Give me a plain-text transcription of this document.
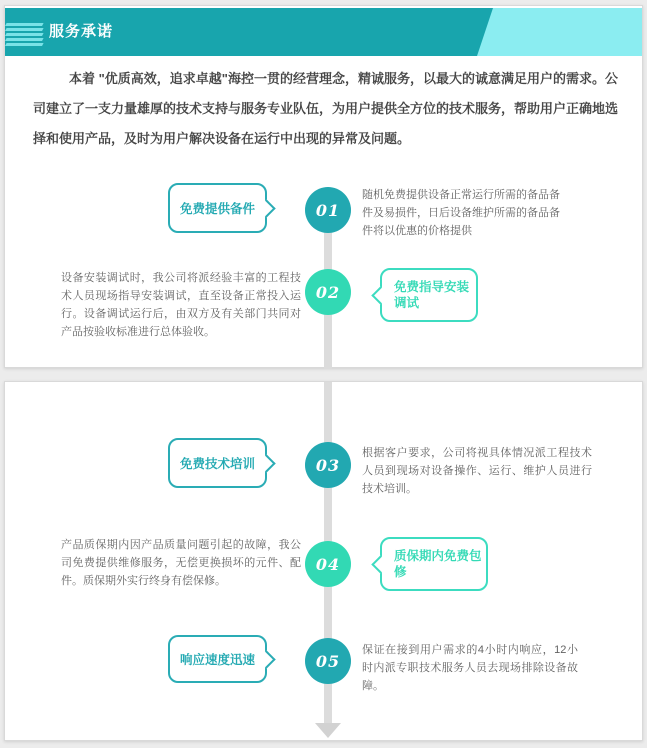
服务承诺

本着 "优质高效，追求卓越"海控一贯的经营理念，精诚服务，以最大的诚意满足用户的需求。公司建立了一支力量雄厚的技术支持与服务专业队伍，为用户提供全方位的技术服务，帮助用户正确地选择和使用产品，及时为用户解决设备在运行中出现的异常及问题。

免费提供备件	01

随机免费提供设备正常运行所需的备品备件及易损件，日后设备维护所需的备品备件将以优惠的价格提供

设备安装调试时，我公司将派经验丰富的工程技术人员现场指导安装调试，直至设备正常投入运行。设备调试运行后，由双方及有关部门共同对产品按验收标准进行总体验收。

02	免费指导安装调试
免费技术培训	03

根据客户要求，公司将视具体情况派工程技术人员到现场对设备操作、运行、维护人员进行技术培训。

产品质保期内因产品质量问题引起的故障，我公司免费提供维修服务，无偿更换损坏的元件、配件。质保期外实行终身有偿保修。

04	质保期内免费包修
响应速度迅速	05

保证在接到用户需求的4小时内响应，12小时内派专职技术服务人员去现场排除设备故障。
